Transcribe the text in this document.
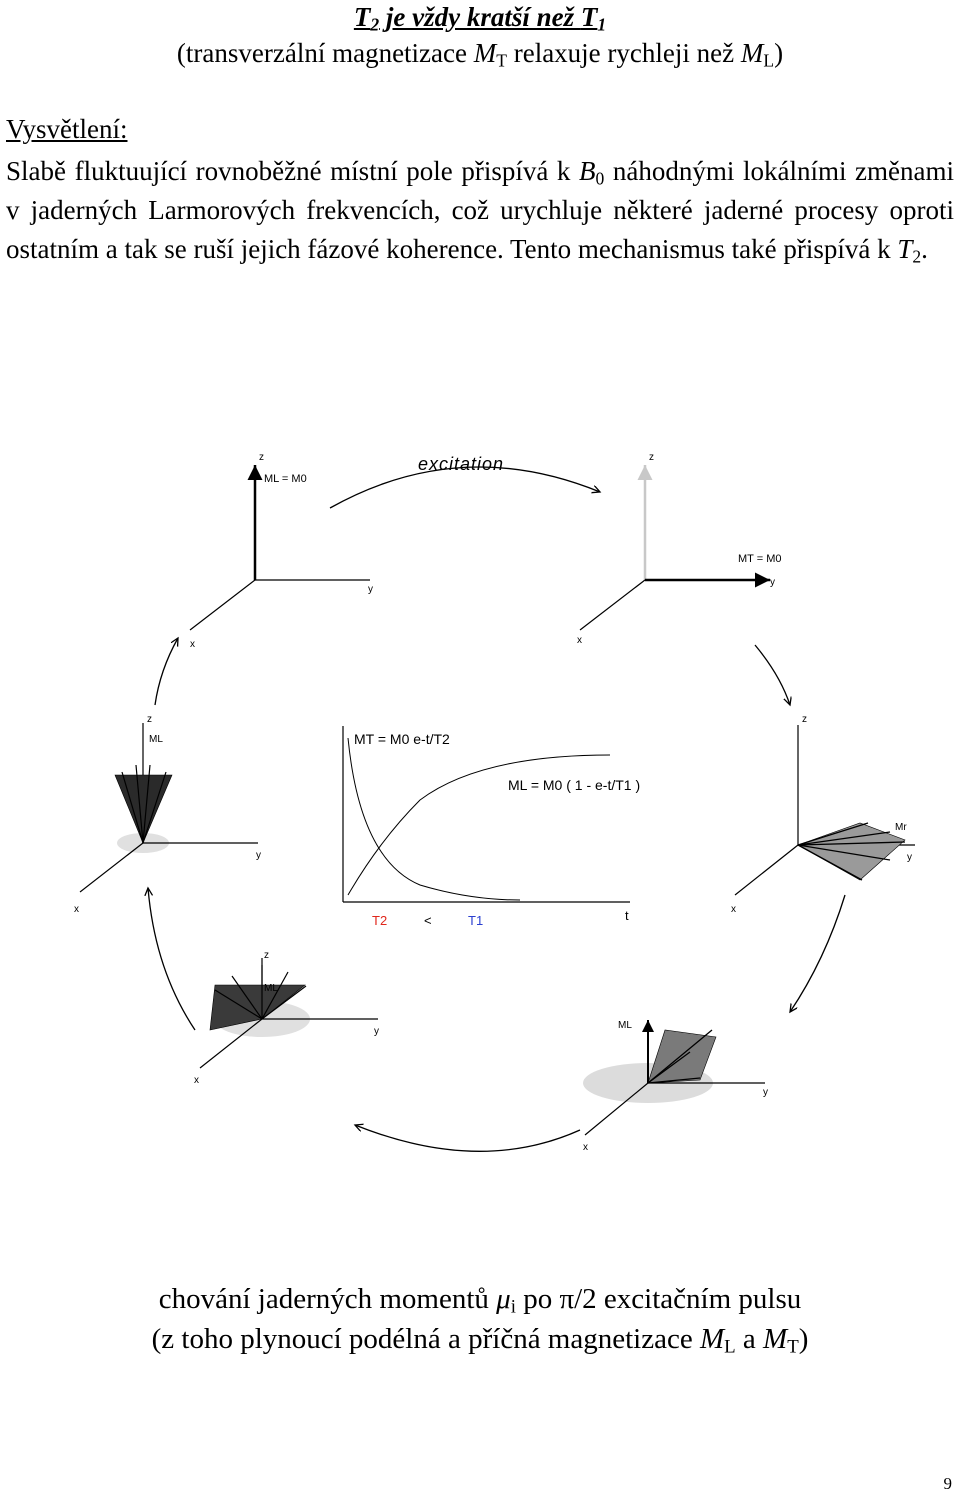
$T_2$ je vždy kratší než $T_1$
(transverzální magnetizace $M_T$ relaxuje rychleji než $M_L$)
Vysvětlení:
Slabě fluktuující rovnoběžné místní pole přispívá k $B_0$ náhodnými lokálními změnami v jaderných Larmorových frekvencích, což urychluje některé jaderné procesy oproti ostatním a tak se ruší jejich fázové koherence. Tento mechanismus také přispívá k $T_2$.
excitation
z
y
x
ML = M0
z
y
x
MT = M0
z
y
x
Mr
y
x
ML
z
y
x
ML
z
y
x
ML	MT = M0 e-t/T2
ML = M0 ( 1 - e-t/T1 )
T2	<	T1	t
chování jaderných momentů $\mu_i$ po π/2 excitačním pulsu
(z toho plynoucí podélná a příčná magnetizace $M_L$ a $M_T$)
9
